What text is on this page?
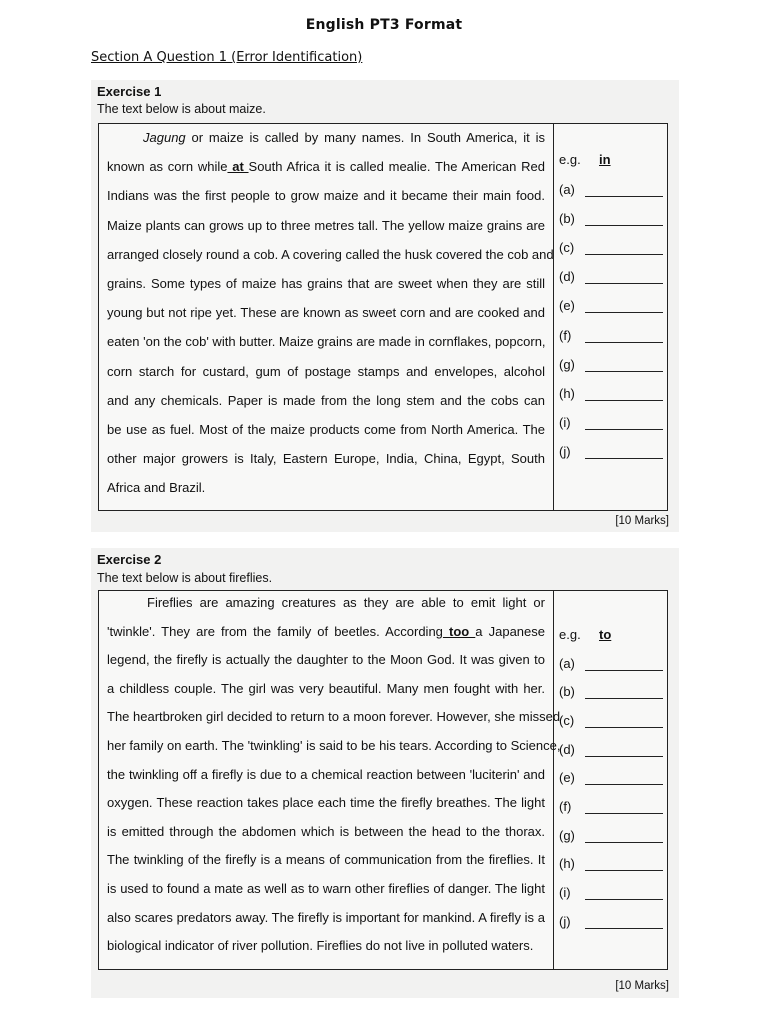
English PT3 Format
Section A Question 1 (Error Identification)
Exercise 1
The text below is about maize.
Jagung or maize is called by many names. In South America, it is
known as corn while at South Africa it is called mealie. The American Red
Indians was the first people to grow maize and it became their main food.
Maize plants can grows up to three metres tall. The yellow maize grains are
arranged closely round a cob. A covering called the husk covered the cob and
grains. Some types of maize has grains that are sweet when they are still
young but not ripe yet. These are known as sweet corn and are cooked and
eaten 'on the cob' with butter. Maize grains are made in cornflakes, popcorn,
corn starch for custard, gum of postage stamps and envelopes, alcohol
and any chemicals. Paper is made from the long stem and the cobs can
be use as fuel. Most of the maize products come from North America. The
other major growers is Italy, Eastern Europe, India, China, Egypt, South
Africa and Brazil.
e.g.	in
(a)
(b)
(c)
(d)
(e)
(f)
(g)
(h)
(i)
(j)
[10 Marks]
Exercise 2
The text below is about fireflies.
Fireflies are amazing creatures as they are able to emit light or
'twinkle'. They are from the family of beetles. According too a Japanese
legend, the firefly is actually the daughter to the Moon God. It was given to
a childless couple. The girl was very beautiful. Many men fought with her.
The heartbroken girl decided to return to a moon forever. However, she missed
her family on earth. The 'twinkling' is said to be his tears. According to Science,
the twinkling off a firefly is due to a chemical reaction between 'luciterin' and
oxygen. These reaction takes place each time the firefly breathes. The light
is emitted through the abdomen which is between the head to the thorax.
The twinkling of the firefly is a means of communication from the fireflies. It
is used to found a mate as well as to warn other fireflies of danger. The light
also scares predators away. The firefly is important for mankind. A firefly is a
biological indicator of river pollution. Fireflies do not live in polluted waters.
e.g.	to
(a)
(b)
(c)
(d)
(e)
(f)
(g)
(h)
(i)
(j)
[10 Marks]
